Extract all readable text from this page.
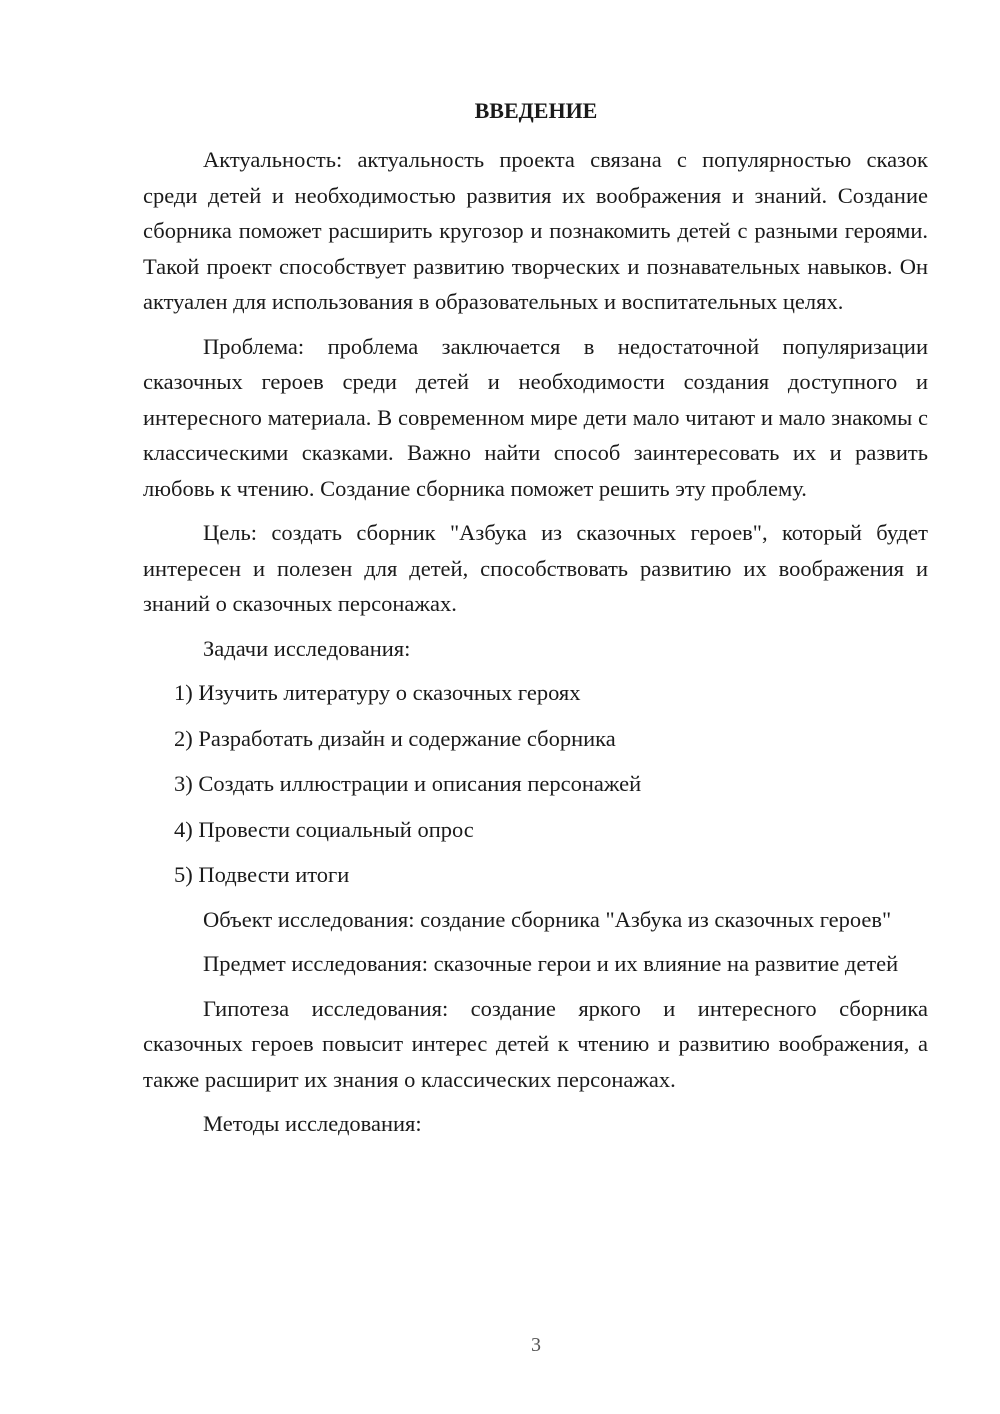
ВВЕДЕНИЕ

Актуальность: актуальность проекта связана с популярностью сказок среди детей и необходимостью развития их воображения и знаний. Создание сборника поможет расширить кругозор и познакомить детей с разными героями. Такой проект способствует развитию творческих и познавательных навыков. Он актуален для использования в образовательных и воспитательных целях.

Проблема: проблема заключается в недостаточной популяризации сказочных героев среди детей и необходимости создания доступного и интересного материала. В современном мире дети мало читают и мало знакомы с классическими сказками. Важно найти способ заинтересовать их и развить любовь к чтению. Создание сборника поможет решить эту проблему.

Цель: создать сборник "Азбука из сказочных героев", который будет интересен и полезен для детей, способствовать развитию их воображения и знаний о сказочных персонажах.

Задачи исследования:

1) Изучить литературу о сказочных героях
2) Разработать дизайн и содержание сборника
3) Создать иллюстрации и описания персонажей
4) Провести социальный опрос
5) Подвести итоги

Объект исследования: создание сборника "Азбука из сказочных героев"

Предмет исследования: сказочные герои и их влияние на развитие детей

Гипотеза исследования: создание яркого и интересного сборника сказочных героев повысит интерес детей к чтению и развитию воображения, а также расширит их знания о классических персонажах.

Методы исследования:

3
